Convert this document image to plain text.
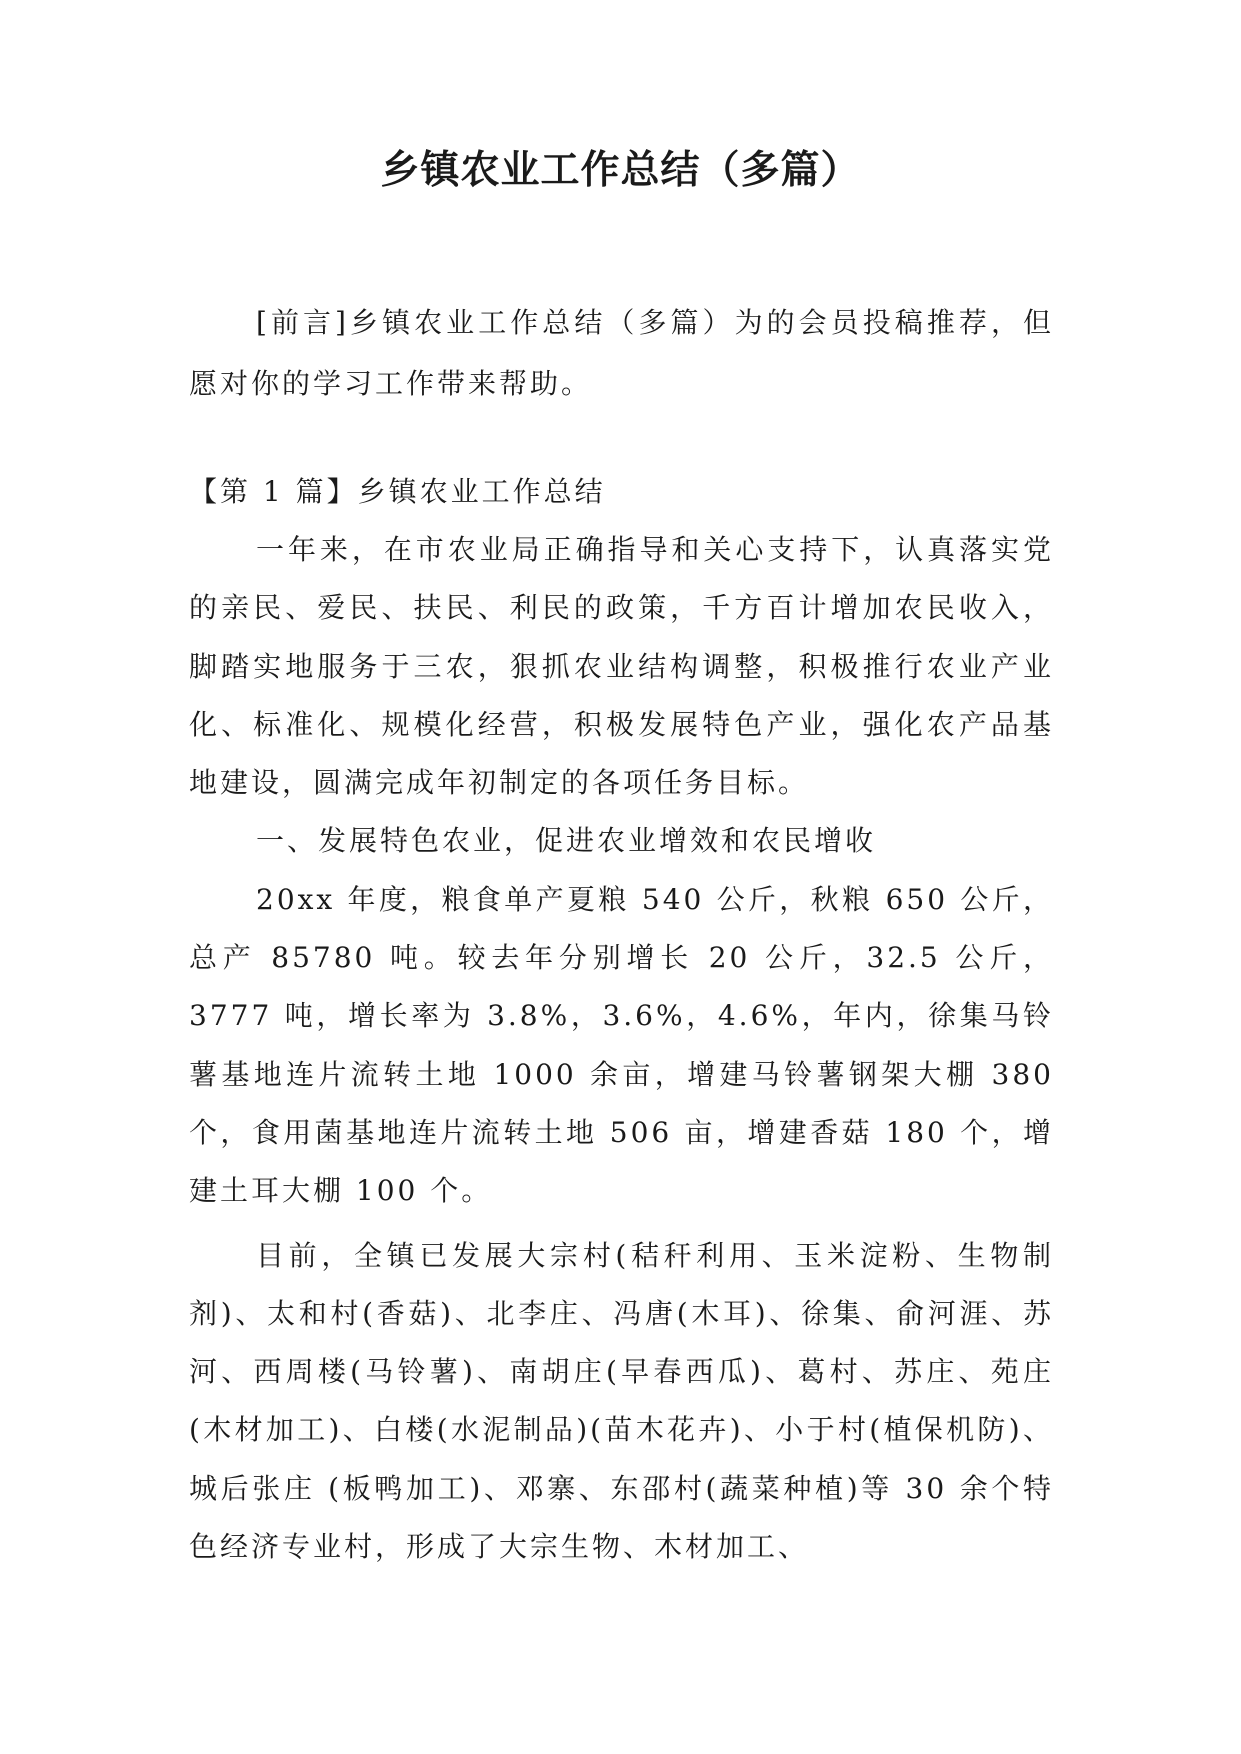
乡镇农业工作总结（多篇）

[前言]乡镇农业工作总结（多篇）为的会员投稿推荐，但愿对你的学习工作带来帮助。

【第 1 篇】乡镇农业工作总结

一年来，在市农业局正确指导和关心支持下，认真落实党的亲民、爱民、扶民、利民的政策，千方百计增加农民收入，脚踏实地服务于三农，狠抓农业结构调整，积极推行农业产业化、标准化、规模化经营，积极发展特色产业，强化农产品基地建设，圆满完成年初制定的各项任务目标。

一、发展特色农业，促进农业增效和农民增收

20xx 年度，粮食单产夏粮 540 公斤，秋粮 650 公斤，总产 85780 吨。较去年分别增长 20 公斤，32.5 公斤，3777 吨，增长率为 3.8%，3.6%，4.6%，年内，徐集马铃薯基地连片流转土地 1000 余亩，增建马铃薯钢架大棚 380 个，食用菌基地连片流转土地 506 亩，增建香菇 180 个，增建土耳大棚 100 个。

目前，全镇已发展大宗村(秸秆利用、玉米淀粉、生物制剂)、太和村(香菇)、北李庄、冯唐(木耳)、徐集、俞河涯、苏河、西周楼(马铃薯)、南胡庄(早春西瓜)、葛村、苏庄、苑庄(木材加工)、白楼(水泥制品)(苗木花卉)、小于村(植保机防)、城后张庄 (板鸭加工)、邓寨、东邵村(蔬菜种植)等 30 余个特色经济专业村，形成了大宗生物、木材加工、
